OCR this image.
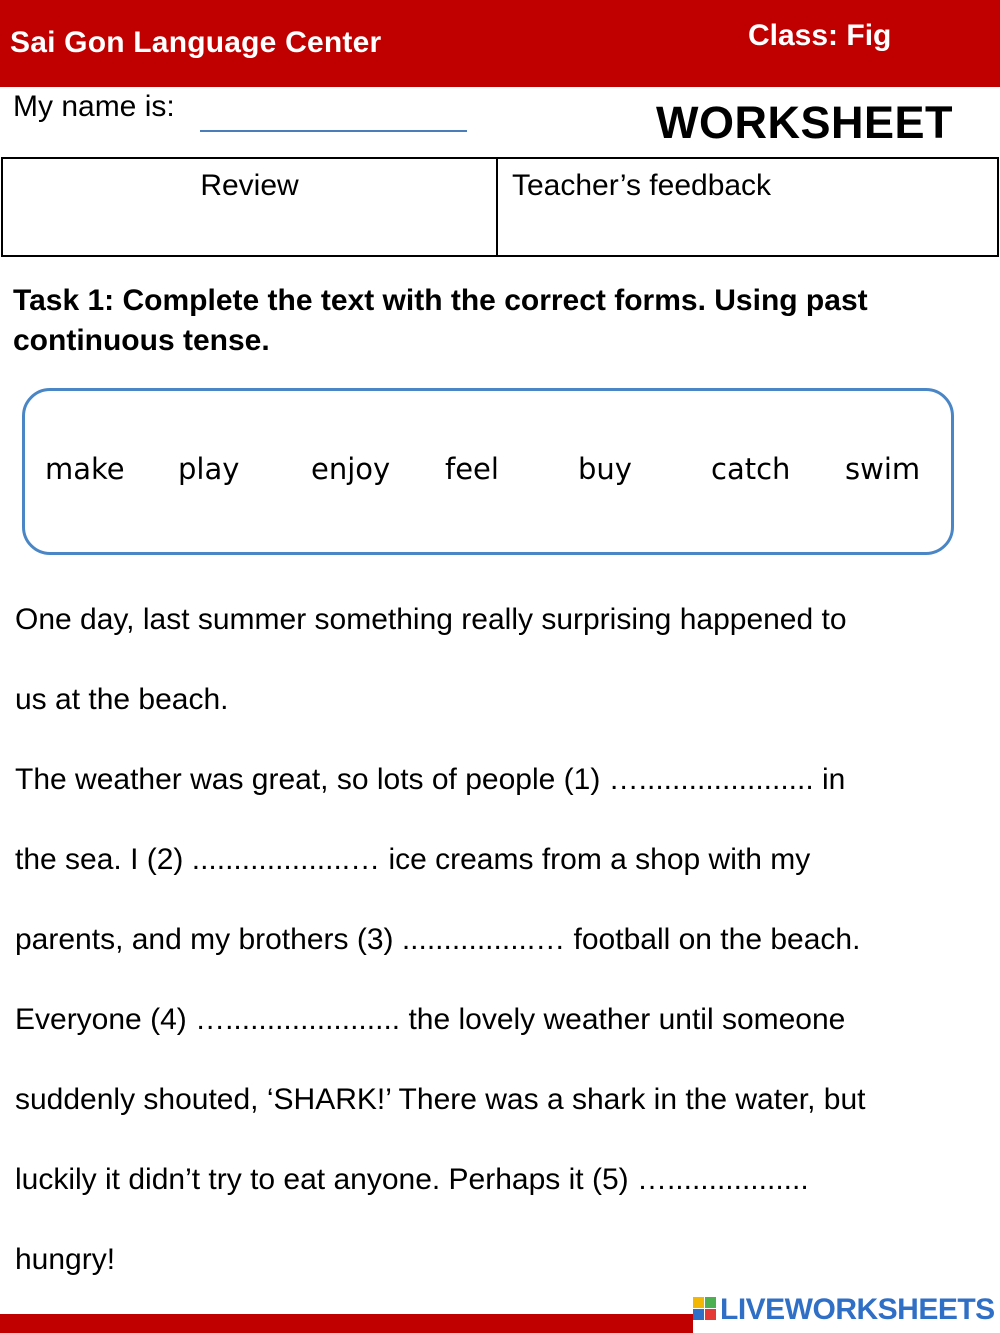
Sai Gon Language Center	Class: Fig
My name is:	WORKSHEET
Review	Teacher’s feedback
Task 1: Complete the text with the correct forms. Using past continuous tense.
make play enjoy feel	buy	catch swim
One day, last summer something really surprising happened to
us at the beach.
The weather was great, so lots of people (1) …..................... in
the sea. I (2) ...................… ice creams from a shop with my
parents, and my brothers (3) ................… football on the beach.
Everyone (4) …..................... the lovely weather until someone
suddenly shouted, ‘SHARK!’ There was a shark in the water, but
luckily it didn’t try to eat anyone. Perhaps it (5) ….................
hungry!
LIVEWORKSHEETS
